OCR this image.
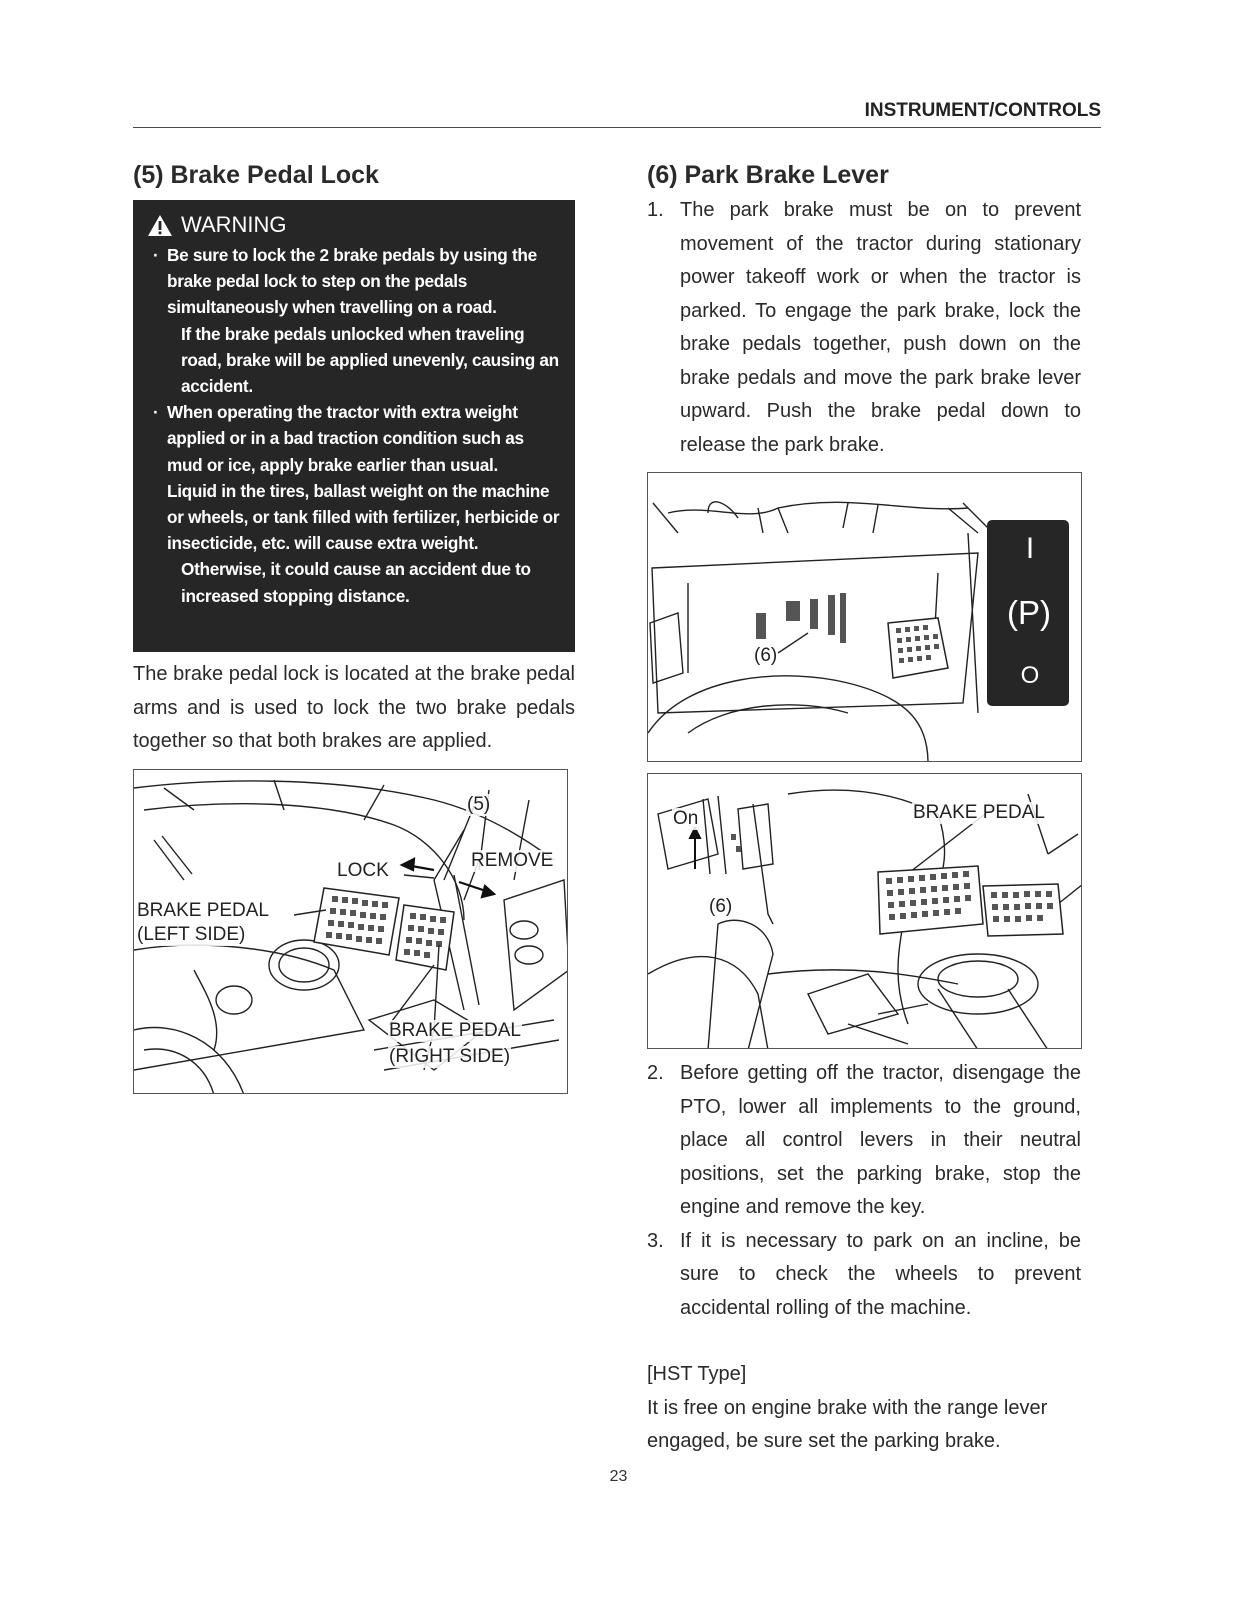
INSTRUMENT/CONTROLS
(5) Brake Pedal Lock
WARNING
· Be sure to lock the 2 brake pedals by using the brake pedal lock to step on the pedals simultaneously when travelling on a road.
If the brake pedals unlocked when traveling road, brake will be applied unevenly, causing an accident.
· When operating the tractor with extra weight applied or in a bad traction condition such as mud or ice, apply brake earlier than usual.
Liquid in the tires, ballast weight on the machine or wheels, or tank filled with fertilizer, herbicide or insecticide, etc. will cause extra weight.
Otherwise, it could cause an accident due to increased stopping distance.
The brake pedal lock is located at the brake pedal arms and is used to lock the two brake pedals together so that both brakes are applied.
(5)
LOCK	REMOVE
BRAKE PEDAL
(LEFT SIDE)
BRAKE PEDAL
(RIGHT SIDE)
(6) Park Brake Lever
1. The park brake must be on to prevent movement of the tractor during stationary power takeoff work or when the tractor is parked. To engage the park brake, lock the brake pedals together, push down on the brake pedals and move the park brake lever upward. Push the brake pedal down to release the park brake.
(6)
I
(P)
O
On
(6)
BRAKE PEDAL
2. Before getting off the tractor, disengage the PTO, lower all implements to the ground, place all control levers in their neutral positions, set the parking brake, stop the engine and remove the key.
3. If it is necessary to park on an incline, be sure to check the wheels to prevent accidental rolling of the machine.
[HST Type]
It is free on engine brake with the range lever engaged, be sure set the parking brake.
23
